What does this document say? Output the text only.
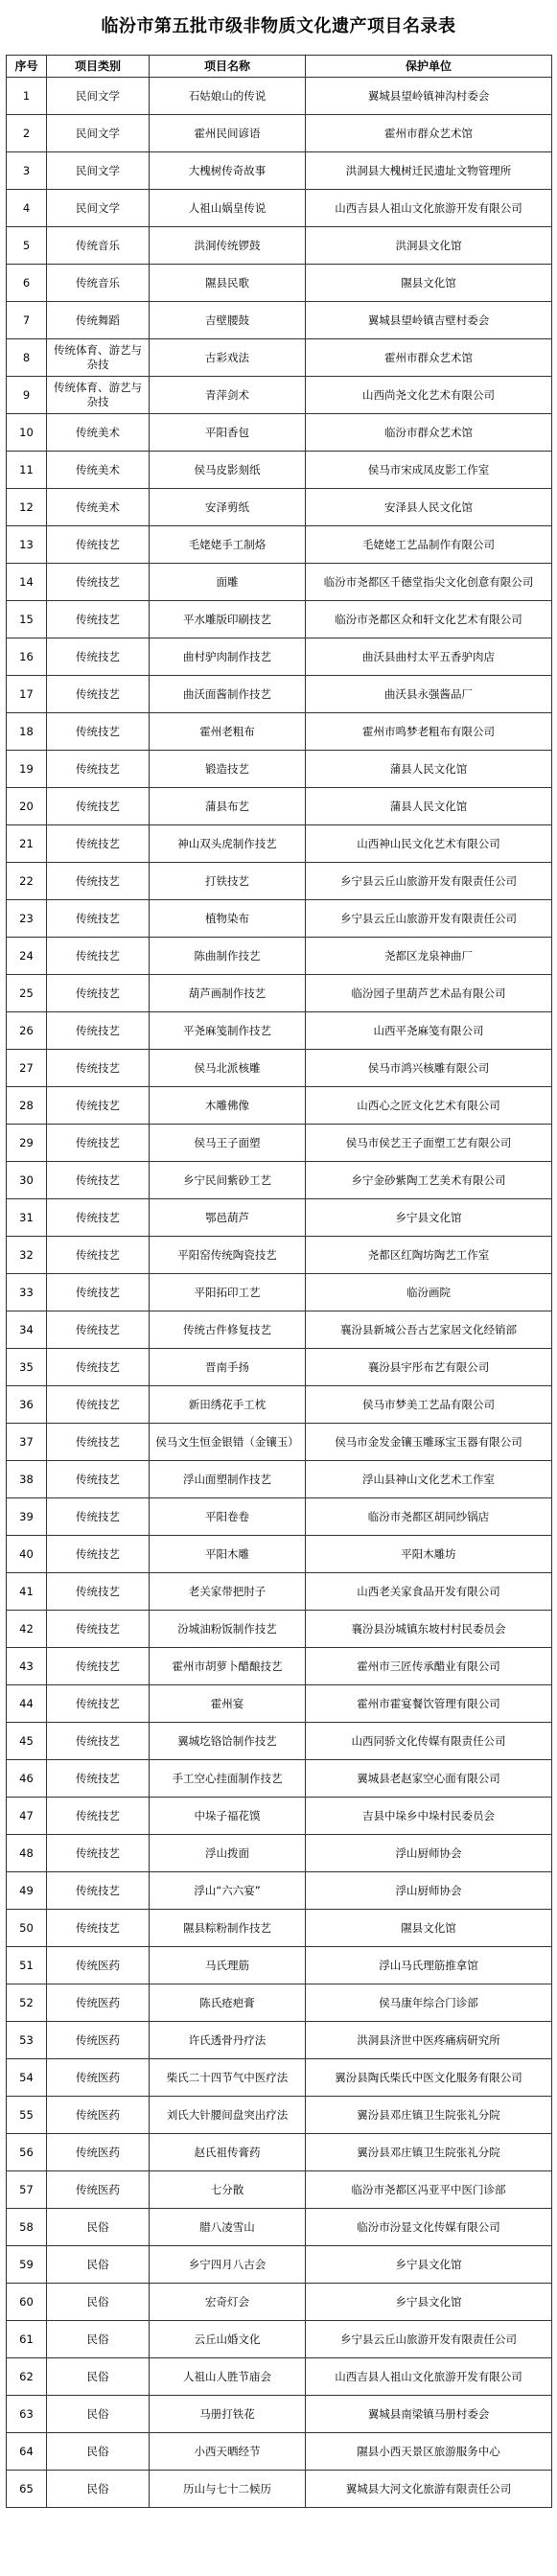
临汾市第五批市级非物质文化遗产项目名录表
序号	项目类别	项目名称	保护单位
1	民间文学	石姑娘山的传说	翼城县望岭镇神沟村委会
2	民间文学	霍州民间谚语	霍州市群众艺术馆
3	民间文学	大槐树传奇故事	洪洞县大槐树迁民遗址文物管理所
4	民间文学	人祖山娲皇传说	山西吉县人祖山文化旅游开发有限公司
5	传统音乐	洪洞传统锣鼓	洪洞县文化馆
6	传统音乐	隰县民歌	隰县文化馆
7	传统舞蹈	吉壁腰鼓	翼城县望岭镇吉壁村委会
8	传统体育、游艺与杂技	古彩戏法	霍州市群众艺术馆
9	传统体育、游艺与杂技	青萍剑术	山西尚尧文化艺术有限公司
10	传统美术	平阳香包	临汾市群众艺术馆
11	传统美术	侯马皮影刻纸	侯马市宋成凤皮影工作室
12	传统美术	安泽剪纸	安泽县人民文化馆
13	传统技艺	毛姥姥手工制烙	毛姥姥工艺品制作有限公司
14	传统技艺	面雕	临汾市尧都区千德堂指尖文化创意有限公司
15	传统技艺	平水雕版印刷技艺	临汾市尧都区众和轩文化艺术有限公司
16	传统技艺	曲村驴肉制作技艺	曲沃县曲村太平五香驴肉店
17	传统技艺	曲沃面酱制作技艺	曲沃县永强酱品厂
18	传统技艺	霍州老粗布	霍州市鸣梦老粗布有限公司
19	传统技艺	锻造技艺	蒲县人民文化馆
20	传统技艺	蒲县布艺	蒲县人民文化馆
21	传统技艺	神山双头虎制作技艺	山西神山民文化艺术有限公司
22	传统技艺	打铁技艺	乡宁县云丘山旅游开发有限责任公司
23	传统技艺	植物染布	乡宁县云丘山旅游开发有限责任公司
24	传统技艺	陈曲制作技艺	尧都区龙泉神曲厂
25	传统技艺	葫芦画制作技艺	临汾园子里葫芦艺术品有限公司
26	传统技艺	平尧麻笺制作技艺	山西平尧麻笺有限公司
27	传统技艺	侯马北派核雕	侯马市鸿兴核雕有限公司
28	传统技艺	木雕佛像	山西心之匠文化艺术有限公司
29	传统技艺	侯马王子面塑	侯马市侯艺王子面塑工艺有限公司
30	传统技艺	乡宁民间紫砂工艺	乡宁金砂紫陶工艺美术有限公司
31	传统技艺	鄂邑葫芦	乡宁县文化馆
32	传统技艺	平阳窑传统陶瓷技艺	尧都区红陶坊陶艺工作室
33	传统技艺	平阳拓印工艺	临汾画院
34	传统技艺	传统古件修复技艺	襄汾县新城公吾古艺家居文化经销部
35	传统技艺	晋南手扬	襄汾县宇彤布艺有限公司
36	传统技艺	新田绣花手工枕	侯马市梦美工艺品有限公司
37	传统技艺	侯马文生恒金银错（金镶玉）	侯马市金发金镶玉雕琢宝玉器有限公司
38	传统技艺	浮山面塑制作技艺	浮山县神山文化艺术工作室
39	传统技艺	平阳卷卷	临汾市尧都区胡同纱锅店
40	传统技艺	平阳木雕	平阳木雕坊
41	传统技艺	老关家带把肘子	山西老关家食品开发有限公司
42	传统技艺	汾城油粉饭制作技艺	襄汾县汾城镇东坡村村民委员会
43	传统技艺	霍州市胡萝卜醋酿技艺	霍州市三匠传承醋业有限公司
44	传统技艺	霍州宴	霍州市霍宴餐饮管理有限公司
45	传统技艺	翼城圪铬饸制作技艺	山西同骄文化传媒有限责任公司
46	传统技艺	手工空心挂面制作技艺	翼城县老赵家空心面有限公司
47	传统技艺	中垛子福花馍	吉县中垛乡中垛村民委员会
48	传统技艺	浮山拨面	浮山厨师协会
49	传统技艺	浮山“六六宴”	浮山厨师协会
50	传统技艺	隰县粽粉制作技艺	隰县文化馆
51	传统医药	马氏理筋	浮山马氏理筋推拿馆
52	传统医药	陈氏疮疤膏	侯马康年综合门诊部
53	传统医药	许氏透骨丹疗法	洪洞县济世中医疼痛病研究所
54	传统医药	柴氏二十四节气中医疗法	翼汾县陶氏柴氏中医文化服务有限公司
55	传统医药	刘氏大针腰间盘突出疗法	翼汾县邓庄镇卫生院张礼分院
56	传统医药	赵氏祖传膏药	翼汾县邓庄镇卫生院张礼分院
57	传统医药	七分散	临汾市尧都区冯亚平中医门诊部
58	民俗	腊八凌雪山	临汾市汾显文化传媒有限公司
59	民俗	乡宁四月八古会	乡宁县文化馆
60	民俗	宏奇灯会	乡宁县文化馆
61	民俗	云丘山婚文化	乡宁县云丘山旅游开发有限责任公司
62	民俗	人祖山人胜节庙会	山西吉县人祖山文化旅游开发有限公司
63	民俗	马册打铁花	翼城县南梁镇马册村委会
64	民俗	小西天晒经节	隰县小西天景区旅游服务中心
65	民俗	历山与七十二候历	翼城县大河文化旅游有限责任公司
